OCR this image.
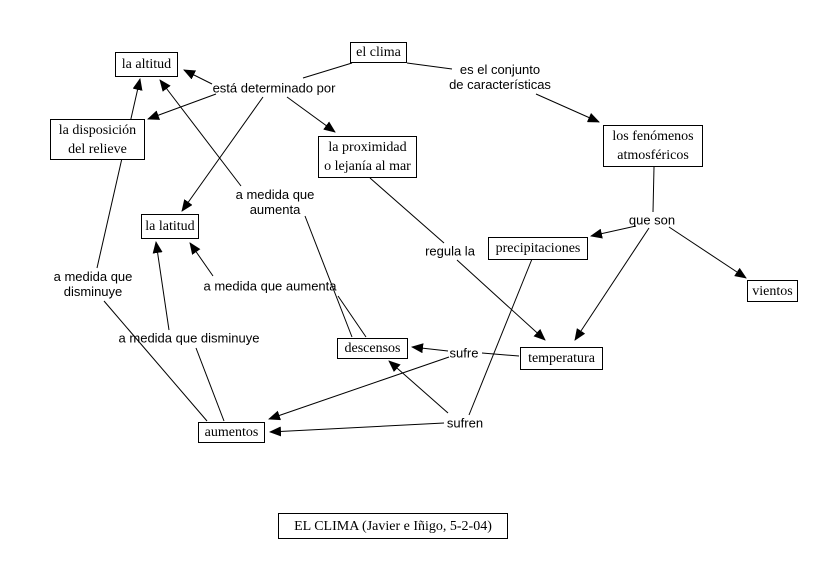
está determinado por
es el conjunto
de características
que son
regula la
a medida que
aumenta
a medida que aumenta
a medida que
disminuye
a medida que disminuye
sufre
sufren
el clima
la altitud
la disposición
del relieve	la proximidad
o lejanía al mar
los fenómenos
atmosféricos
la latitud
precipitaciones
vientos
descensos
temperatura
aumentos
EL CLIMA (Javier e Iñigo, 5-2-04)
